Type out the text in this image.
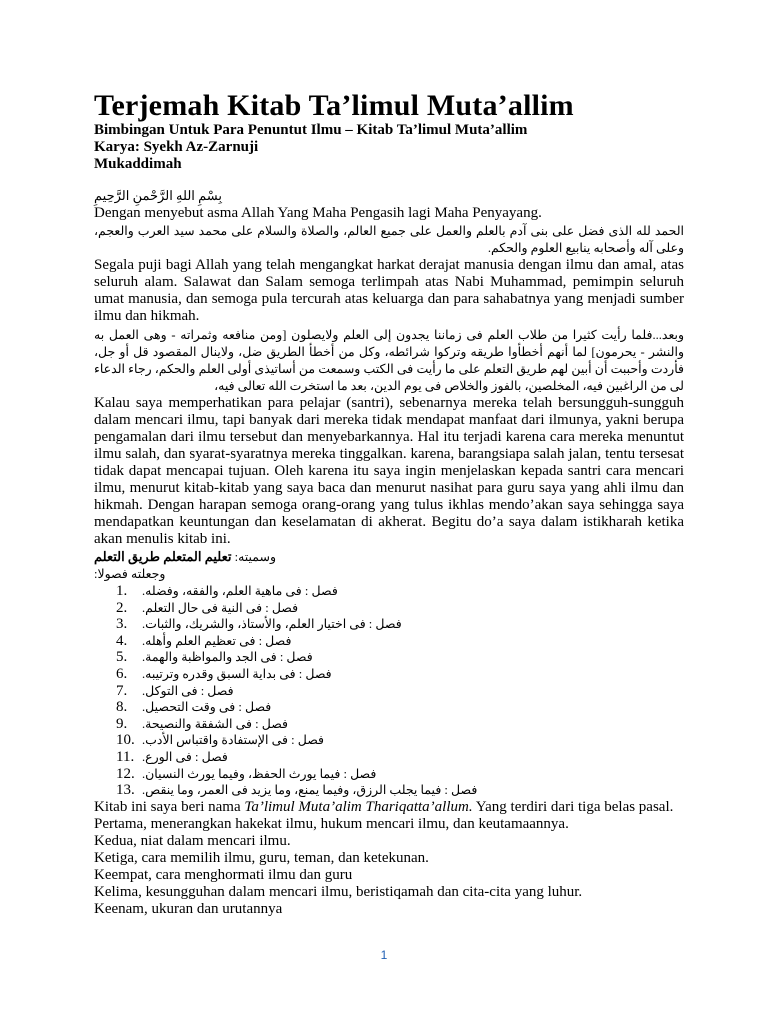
Terjemah Kitab Ta’limul Muta’allim

Bimbingan Untuk Para Penuntut Ilmu – Kitab Ta’limul Muta’allim

Karya: Syekh Az-Zarnuji

Mukaddimah

بِسْمِ اللهِ الرَّحْمنِ الرَّحِيمِ

Dengan menyebut asma Allah Yang Maha Pengasih lagi Maha Penyayang.

الحمد لله الذى فضل على بنى آدم بالعلم والعمل على جميع العالم، والصلاة والسلام على محمد سيد العرب والعجم، وعلى آله وأصحابه ينابيع العلوم والحكم.

Segala puji bagi Allah yang telah mengangkat harkat derajat manusia dengan ilmu dan amal, atas seluruh alam. Salawat dan Salam semoga terlimpah atas Nabi Muhammad, pemimpin seluruh umat manusia, dan semoga pula tercurah atas keluarga dan para sahabatnya yang menjadi sumber ilmu dan hikmah.

وبعد...فلما رأيت كثيرا من طلاب العلم فى زماننا يجدون إلى العلم ولايصلون [ومن منافعه وثمراته - وهى العمل به والنشر - يحرمون] لما أنهم أخطأوا طريقه وتركوا شرائطه، وكل من أخطأ الطريق ضل، ولاينال المقصود قل أو جل، فأردت وأحببت أن أبين لهم طريق التعلم على ما رأيت فى الكتب وسمعت من أساتيذى أولى العلم والحكم، رجاء الدعاء لى من الراغبين فيه، المخلصين، بالفوز والخلاص فى يوم الدين، بعد ما استخرت الله تعالى فيه،

Kalau saya memperhatikan para pelajar (santri), sebenarnya mereka telah bersungguh-sungguh dalam mencari ilmu, tapi banyak dari mereka tidak mendapat manfaat dari ilmunya, yakni berupa pengamalan dari ilmu tersebut dan menyebarkannya. Hal itu terjadi karena cara mereka menuntut ilmu salah, dan syarat-syaratnya mereka tinggalkan. karena, barangsiapa salah jalan, tentu tersesat tidak dapat mencapai tujuan. Oleh karena itu saya ingin menjelaskan kepada santri cara mencari ilmu, menurut kitab-kitab yang saya baca dan menurut nasihat para guru saya yang ahli ilmu dan hikmah. Dengan harapan semoga orang-orang yang tulus ikhlas mendo’akan saya sehingga saya mendapatkan keuntungan dan keselamatan di akherat. Begitu do’a saya dalam istikharah ketika akan menulis kitab ini.

وسميته: تعليم المتعلم طريق التعلم

وجعلته فصولا:

1. فصل : فى ماهية العلم، والفقه، وفضله.
2. فصل : فى النية فى حال التعلم.
3. فصل : فى اختيار العلم، والأستاذ، والشريك، والثبات.
4. فصل : فى تعظيم العلم وأهله.
5. فصل : فى الجد والمواظبة والهمة.
6. فصل : فى بداية السبق وقدره وترتيبه.
7. فصل : فى التوكل.
8. فصل : فى وقت التحصيل.
9. فصل : فى الشفقة والنصيحة.
10. فصل : فى الإستفادة واقتباس الأدب.
11. فصل : فى الورع.
12. فصل : فيما يورث الحفظ، وفيما يورث النسيان.
13. فصل : فيما يجلب الرزق، وفيما يمنع، وما يزيد فى العمر، وما ينقص.

Kitab ini saya beri nama Ta’limul Muta’alim Thariqatta’allum. Yang terdiri dari tiga belas pasal.

Pertama, menerangkan hakekat ilmu, hukum mencari ilmu, dan keutamaannya.

Kedua, niat dalam mencari ilmu.

Ketiga, cara memilih ilmu, guru, teman, dan ketekunan.

Keempat, cara menghormati ilmu dan guru

Kelima, kesungguhan dalam mencari ilmu, beristiqamah dan cita-cita yang luhur.

Keenam, ukuran dan urutannya

1
